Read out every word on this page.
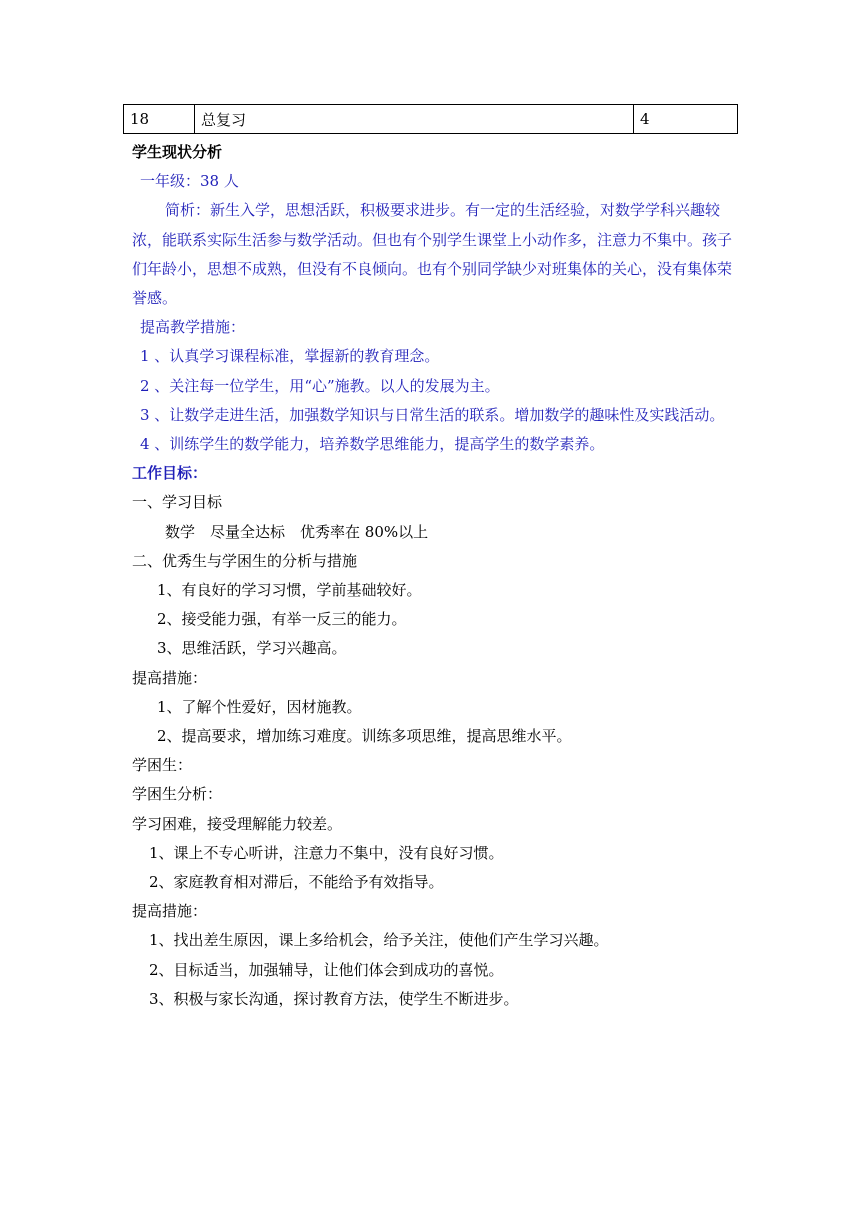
18	总复习	4

学生现状分析

一年级：38 人

简析：新生入学，思想活跃，积极要求进步。有一定的生活经验，对数学学科兴趣较浓，能联系实际生活参与数学活动。但也有个别学生课堂上小动作多，注意力不集中。孩子们年龄小，思想不成熟，但没有不良倾向。也有个别同学缺少对班集体的关心，没有集体荣誉感。

提高教学措施：

1 、认真学习课程标准，掌握新的教育理念。

2 、关注每一位学生，用“心”施教。以人的发展为主。

3 、让数学走进生活，加强数学知识与日常生活的联系。增加数学的趣味性及实践活动。

4 、训练学生的数学能力，培养数学思维能力，提高学生的数学素养。

工作目标：

一、学习目标

数学　尽量全达标　优秀率在 80%以上

二、优秀生与学困生的分析与措施

1、有良好的学习习惯，学前基础较好。

2、接受能力强，有举一反三的能力。

3、思维活跃，学习兴趣高。

提高措施：

1、了解个性爱好，因材施教。

2、提高要求，增加练习难度。训练多项思维，提高思维水平。

学困生：

学困生分析：

学习困难，接受理解能力较差。

1、课上不专心听讲，注意力不集中，没有良好习惯。

2、家庭教育相对滞后，不能给予有效指导。

提高措施：

1、找出差生原因，课上多给机会，给予关注，使他们产生学习兴趣。

2、目标适当，加强辅导，让他们体会到成功的喜悦。

3、积极与家长沟通，探讨教育方法，使学生不断进步。
